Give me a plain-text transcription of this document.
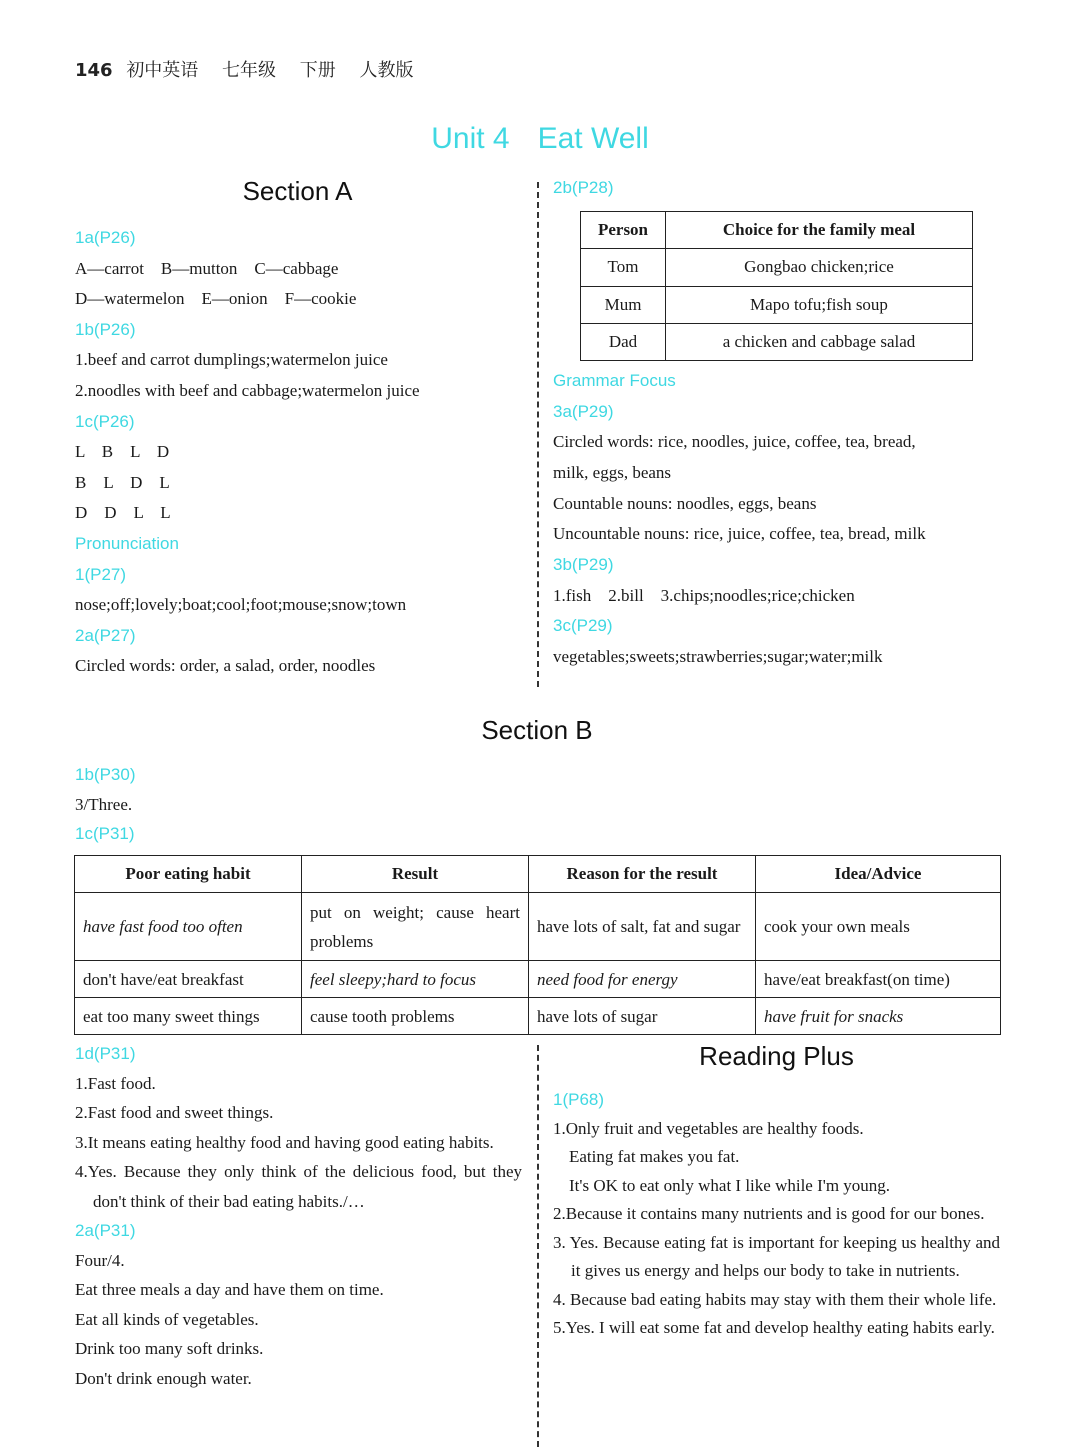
146 初中英语 七年级 下册 人教版
Unit 4 Eat Well
Section A
1a(P26)
A—carrot　B—mutton　C—cabbage
D—watermelon　E—onion　F—cookie
1b(P26)
1.beef and carrot dumplings;watermelon juice
2.noodles with beef and cabbage;watermelon juice
1c(P26)
L　B　L　D
B　L　D　L
D　D　L　L
Pronunciation
1(P27)
nose;off;lovely;boat;cool;foot;mouse;snow;town
2a(P27)
Circled words: order, a salad, order, noodles
2b(P28)
Person	Choice for the family meal
Tom	Gongbao chicken;rice
Mum	Mapo tofu;fish soup
Dad	a chicken and cabbage salad
Grammar Focus
3a(P29)
Circled words: rice, noodles, juice, coffee, tea, bread,
milk, eggs, beans
Countable nouns: noodles, eggs, beans
Uncountable nouns: rice, juice, coffee, tea, bread, milk
3b(P29)
1.fish　2.bill　3.chips;noodles;rice;chicken
3c(P29)
vegetables;sweets;strawberries;sugar;water;milk
Section B
1b(P30)
3/Three.
1c(P31)
Poor eating habit	Result	Reason for the result	Idea/Advice

have fast food too often	put on weight; cause heart problems	have lots of salt, fat and sugar	cook your own meals

don't have/eat breakfast	feel sleepy;hard to focus	need food for energy	have/eat breakfast(on time)

eat too many sweet things	cause tooth problems	have lots of sugar	have fruit for snacks
1d(P31)
1.Fast food.
2.Fast food and sweet things.
3.It means eating healthy food and having good eating habits.
4.Yes. Because they only think of the delicious food, but they don't think of their bad eating habits./…
2a(P31)
Four/4.
Eat three meals a day and have them on time.
Eat all kinds of vegetables.
Drink too many soft drinks.
Don't drink enough water.
Reading Plus
1(P68)
1.Only fruit and vegetables are healthy foods.
Eating fat makes you fat.
It's OK to eat only what I like while I'm young.
2.Because it contains many nutrients and is good for our bones.
3. Yes. Because eating fat is important for keeping us healthy and it gives us energy and helps our body to take in nutrients.
4. Because bad eating habits may stay with them their whole life.
5.Yes. I will eat some fat and develop healthy eating habits early.
